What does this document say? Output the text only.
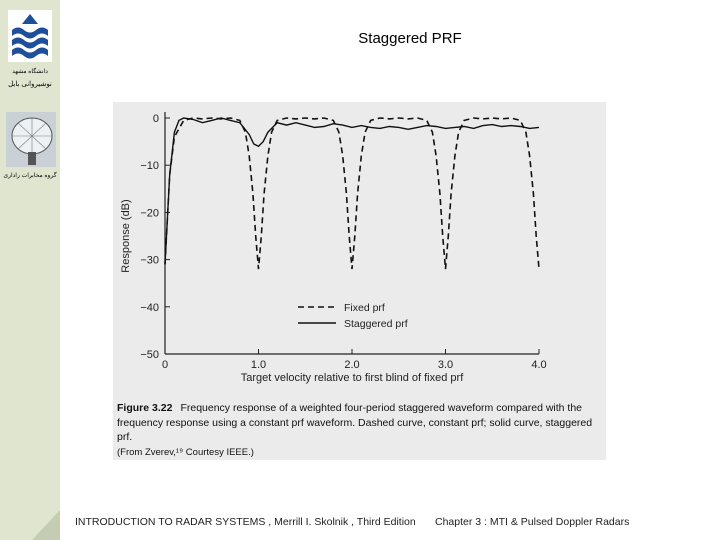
دانشگاه مشهد
نوشیروانی بابل
گروه مخابرات راداری
Staggered PRF
0
−10
−20
−30
−40
−50
0	1.0	2.0	3.0	4.0
Target velocity relative to first blind of fixed prf
Response (dB)
Fixed prf
Staggered prf
Figure 3.22 Frequency response of a weighted four-period staggered waveform compared with the frequency response using a constant prf waveform. Dashed curve, constant prf; solid curve, staggered prf.
(From Zverev,¹⁹ Courtesy IEEE.)
INTRODUCTION TO RADAR SYSTEMS , Merrill I. Skolnik , Third Edition Chapter 3 : MTI & Pulsed Doppler Radars
